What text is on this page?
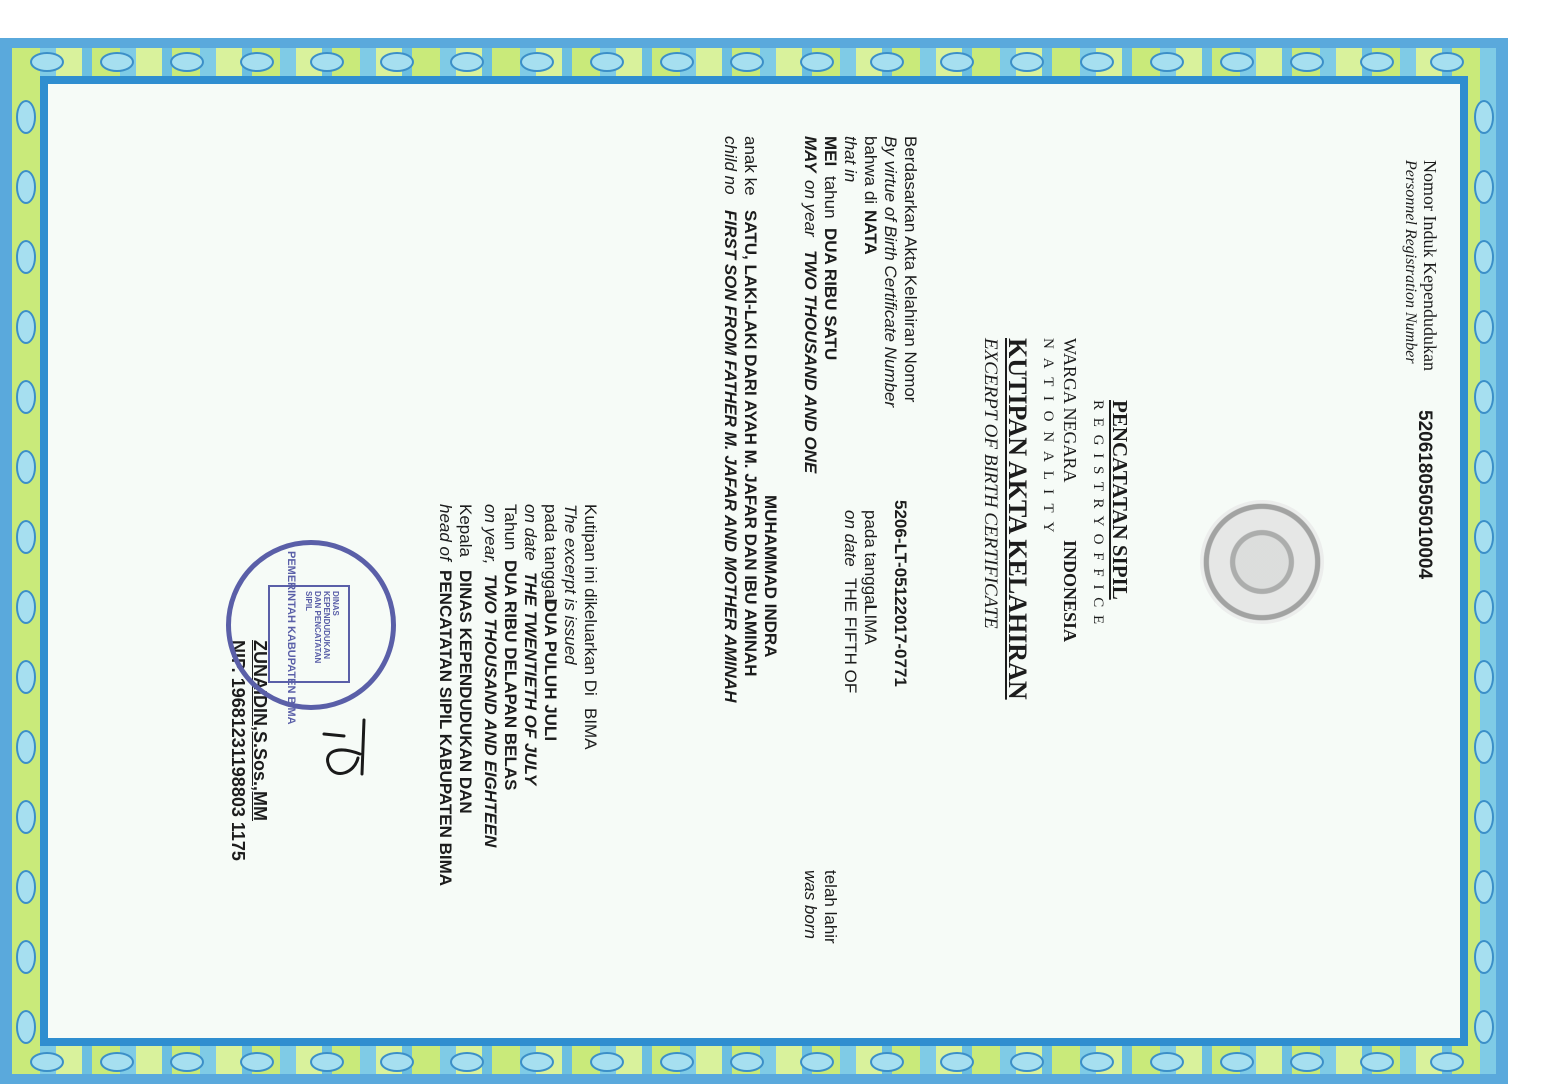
Nomor Induk Kependudukan
Personnel Registration Number
5206180505010004
PENCATATAN SIPIL
R E G I S T R Y O F F I C E
WARGA NEGARA
INDONESIA
N A T I O N A L I T Y
KUTIPAN AKTA KELAHIRAN
EXCERPT OF BIRTH CERTIFICATE
Berdasarkan Akta Kelahiran Nomor
By virtue of Birth Certificate Number
5206-LT-05122017-0771
bahwa di
NATA
that in
pada tanggal
LIMA
on date
THE FIFTH OF
MEI
tahun
DUA RIBU SATU
MAY
on year
TWO THOUSAND AND ONE
telah lahir
was born
MUHAMMAD INDRA
anak ke
SATU, LAKI-LAKI DARI AYAH M. JAFAR DAN IBU AMINAH
child no
FIRST SON FROM FATHER M. JAFAR AND MOTHER AMINAH
Kutipan ini dikeluarkan Di
BIMA
The excerpt is issued
pada tanggal
DUA PULUH JULI
on date
THE TWENTIETH OF JULY
Tahun
DUA RIBU DELAPAN BELAS
on year,
TWO THOUSAND AND EIGHTEEN
Kepala
DINAS KEPENDUDUKAN DAN
head of
PENCATATAN SIPIL KABUPATEN BIMA
ZUNAIDIN,S.Sos.,MM
NIP. 19681231198803 1175
PEMERINTAH KABUPATEN BIMA	DINAS KEPENDUDUKAN DAN PENCATATAN SIPIL
